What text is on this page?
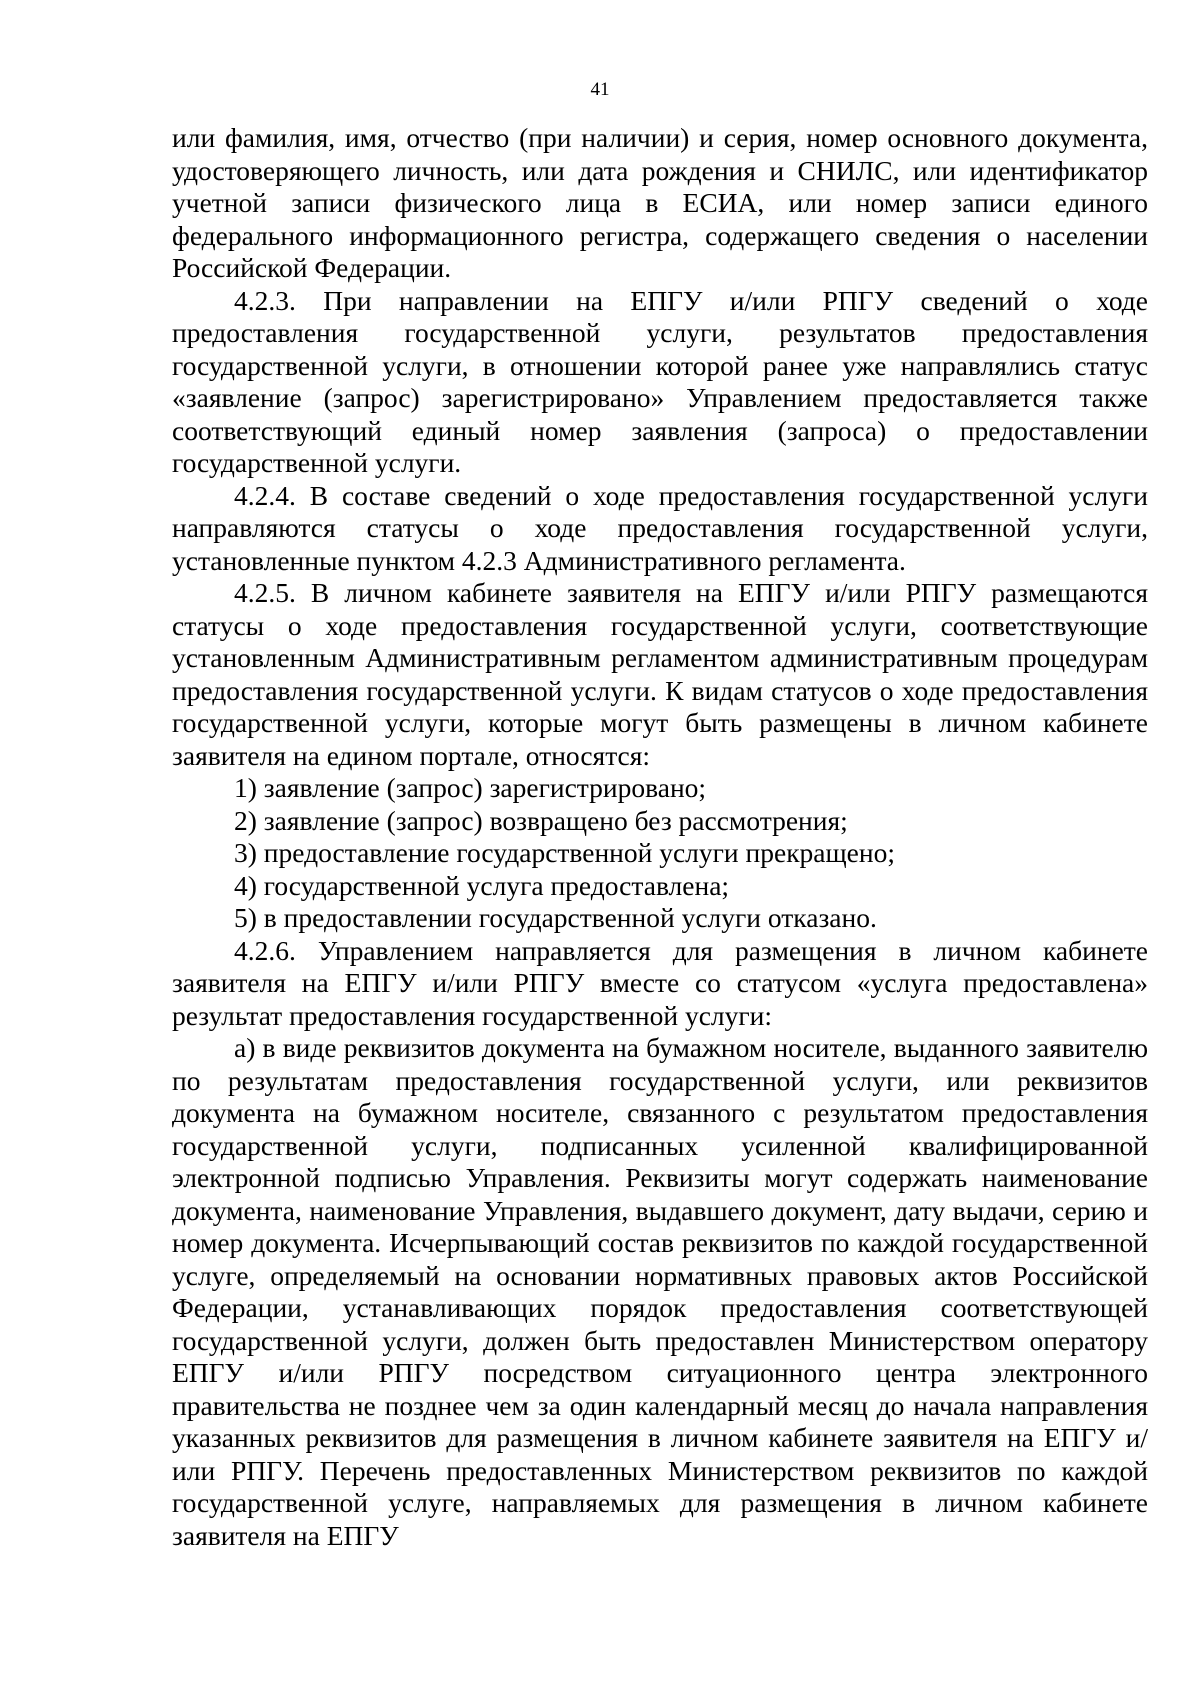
41

или фамилия, имя, отчество (при наличии) и серия, номер основного документа, удостоверяющего личность, или дата рождения и СНИЛС, или идентификатор учетной записи физического лица в ЕСИА, или номер записи единого федерального информационного регистра, содержащего сведения о населении Российской Федерации.

4.2.3. При направлении на ЕПГУ и/или РПГУ сведений о ходе предоставления государственной услуги, результатов предоставления государственной услуги, в отношении которой ранее уже направлялись статус «заявление (запрос) зарегистрировано» Управлением предоставляется также соответствующий единый номер заявления (запроса) о предоставлении государственной услуги.

4.2.4. В составе сведений о ходе предоставления государственной услуги направляются статусы о ходе предоставления государственной услуги, установленные пунктом 4.2.3 Административного регламента.

4.2.5. В личном кабинете заявителя на ЕПГУ и/или РПГУ размещаются статусы о ходе предоставления государственной услуги, соответствующие установленным Административным регламентом административным процедурам предоставления государственной услуги. К видам статусов о ходе предоставления государственной услуги, которые могут быть размещены в личном кабинете заявителя на едином портале, относятся:

1) заявление (запрос) зарегистрировано;

2) заявление (запрос) возвращено без рассмотрения;

3) предоставление государственной услуги прекращено;

4) государственной услуга предоставлена;

5) в предоставлении государственной услуги отказано.

4.2.6. Управлением направляется для размещения в личном кабинете заявителя на ЕПГУ и/или РПГУ вместе со статусом «услуга предоставлена» результат предоставления государственной услуги:

а) в виде реквизитов документа на бумажном носителе, выданного заявителю по результатам предоставления государственной услуги, или реквизитов документа на бумажном носителе, связанного с результатом предоставления государственной услуги, подписанных усиленной квалифицированной электронной подписью Управления. Реквизиты могут содержать наименование документа, наименование Управления, выдавшего документ, дату выдачи, серию и номер документа. Исчерпывающий состав реквизитов по каждой государственной услуге, определяемый на основании нормативных правовых актов Российской Федерации, устанавливающих порядок предоставления соответствующей государственной услуги, должен быть предоставлен Министерством оператору ЕПГУ и/или РПГУ посредством ситуационного центра электронного правительства не позднее чем за один календарный месяц до начала направления указанных реквизитов для размещения в личном кабинете заявителя на ЕПГУ и/или РПГУ. Перечень предоставленных Министерством реквизитов по каждой государственной услуге, направляемых для размещения в личном кабинете заявителя на ЕПГУ
